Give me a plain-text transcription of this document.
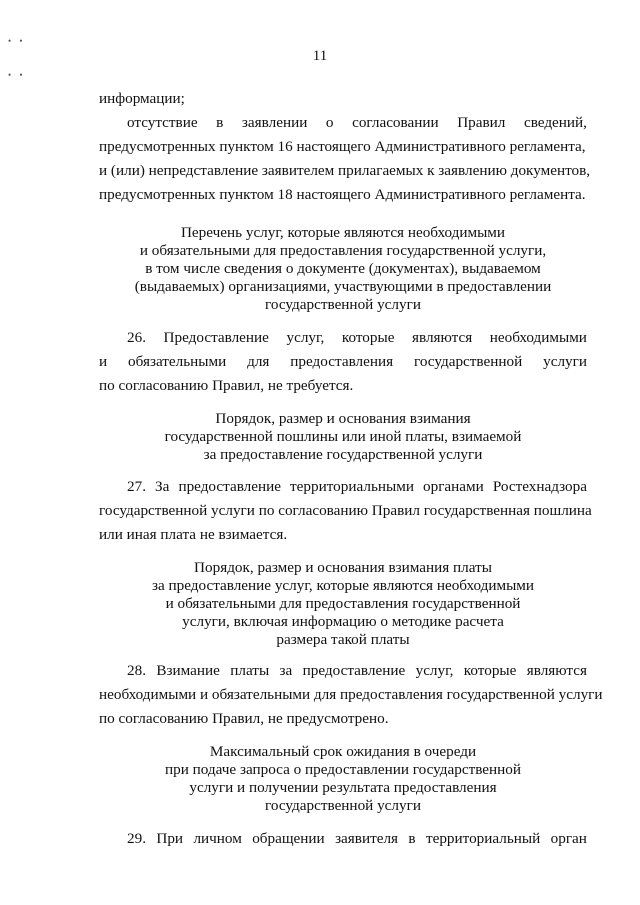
• •
• •
11
информации;
отсутствие в заявлении о согласовании Правил сведений,
предусмотренных пунктом 16 настоящего Административного регламента,
и (или) непредставление заявителем прилагаемых к заявлению документов,
предусмотренных пунктом 18 настоящего Административного регламента.
Перечень услуг, которые являются необходимыми
и обязательными для предоставления государственной услуги,
в том числе сведения о документе (документах), выдаваемом
(выдаваемых) организациями, участвующими в предоставлении
государственной услуги
26. Предоставление услуг, которые являются необходимыми
и обязательными для предоставления государственной услуги
по согласованию Правил, не требуется.
Порядок, размер и основания взимания
государственной пошлины или иной платы, взимаемой
за предоставление государственной услуги
27. За предоставление территориальными органами Ростехнадзора
государственной услуги по согласованию Правил государственная пошлина
или иная плата не взимается.
Порядок, размер и основания взимания платы
за предоставление услуг, которые являются необходимыми
и обязательными для предоставления государственной
услуги, включая информацию о методике расчета
размера такой платы
28. Взимание платы за предоставление услуг, которые являются
необходимыми и обязательными для предоставления государственной услуги
по согласованию Правил, не предусмотрено.
Максимальный срок ожидания в очереди
при подаче запроса о предоставлении государственной
услуги и получении результата предоставления
государственной услуги
29. При личном обращении заявителя в территориальный орган
